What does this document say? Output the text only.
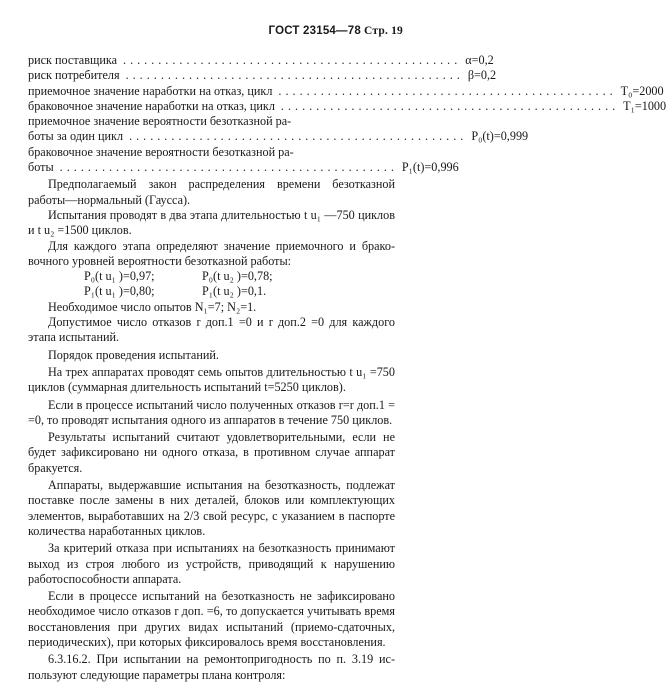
ГОСТ 23154—78 Стр. 19
риск поставщика ................................................ α=0,2
риск потребителя ................................................ β=0,2
приемочное значение наработки на отказ, цикл ................................................ T₀=2000
браковочное значение наработки на отказ, цикл ................................................ T₁=1000
приемочное значение вероятности безотказной ра-
боты за один цикл ................................................ P₀(t)=0,999
браковочное значение вероятности безотказной ра-
боты ................................................ P₁(t)=0,996

Предполагаемый закон распределения времени безотказной работы—нормальный (Гаусса).

Испытания проводят в два этапа длительностью t u₁ —750 циклов и t u₂ =1500 циклов.

Для каждого этапа определяют значение приемочного и браковочного уровней вероятности безотказной работы:

P₀(t u₁ )=0,97;	P₀(t u₂ )=0,78;
P₁(t u₁ )=0,80;	P₁(t u₂ )=0,1.

Необходимое число опытов N₁=7; N₂=1.

Допустимое число отказов r доп.1 =0 и r доп.2 =0 для каждого этапа испытаний.

Порядок проведения испытаний.

На трех аппаратах проводят семь опытов длительностью t u₁ =750 циклов (суммарная длительность испытаний t=5250 циклов).

Если в процессе испытаний число полученных отказов r=r доп.1 = =0, то проводят испытания одного из аппаратов в течение 750 циклов.

Результаты испытаний считают удовлетворительными, если не будет зафиксировано ни одного отказа, в противном случае аппарат бракуется.

Аппараты, выдержавшие испытания на безотказность, подлежат поставке после замены в них деталей, блоков или комплектующих элементов, выработавших на 2/3 свой ресурс, с указанием в паспорте количества наработанных циклов.

За критерий отказа при испытаниях на безотказность принимают выход из строя любого из устройств, приводящий к нарушению работоспособности аппарата.

Если в процессе испытаний на безотказность не зафиксировано необходимое число отказов r доп. =6, то допускается учитывать время восстановления при других видах испытаний (приемо-сдаточных, периодических), при которых фиксировалось время восстановления.

6.3.16.2. При испытании на ремонтопригодность по п. 3.19 используют следующие параметры плана контроля:
